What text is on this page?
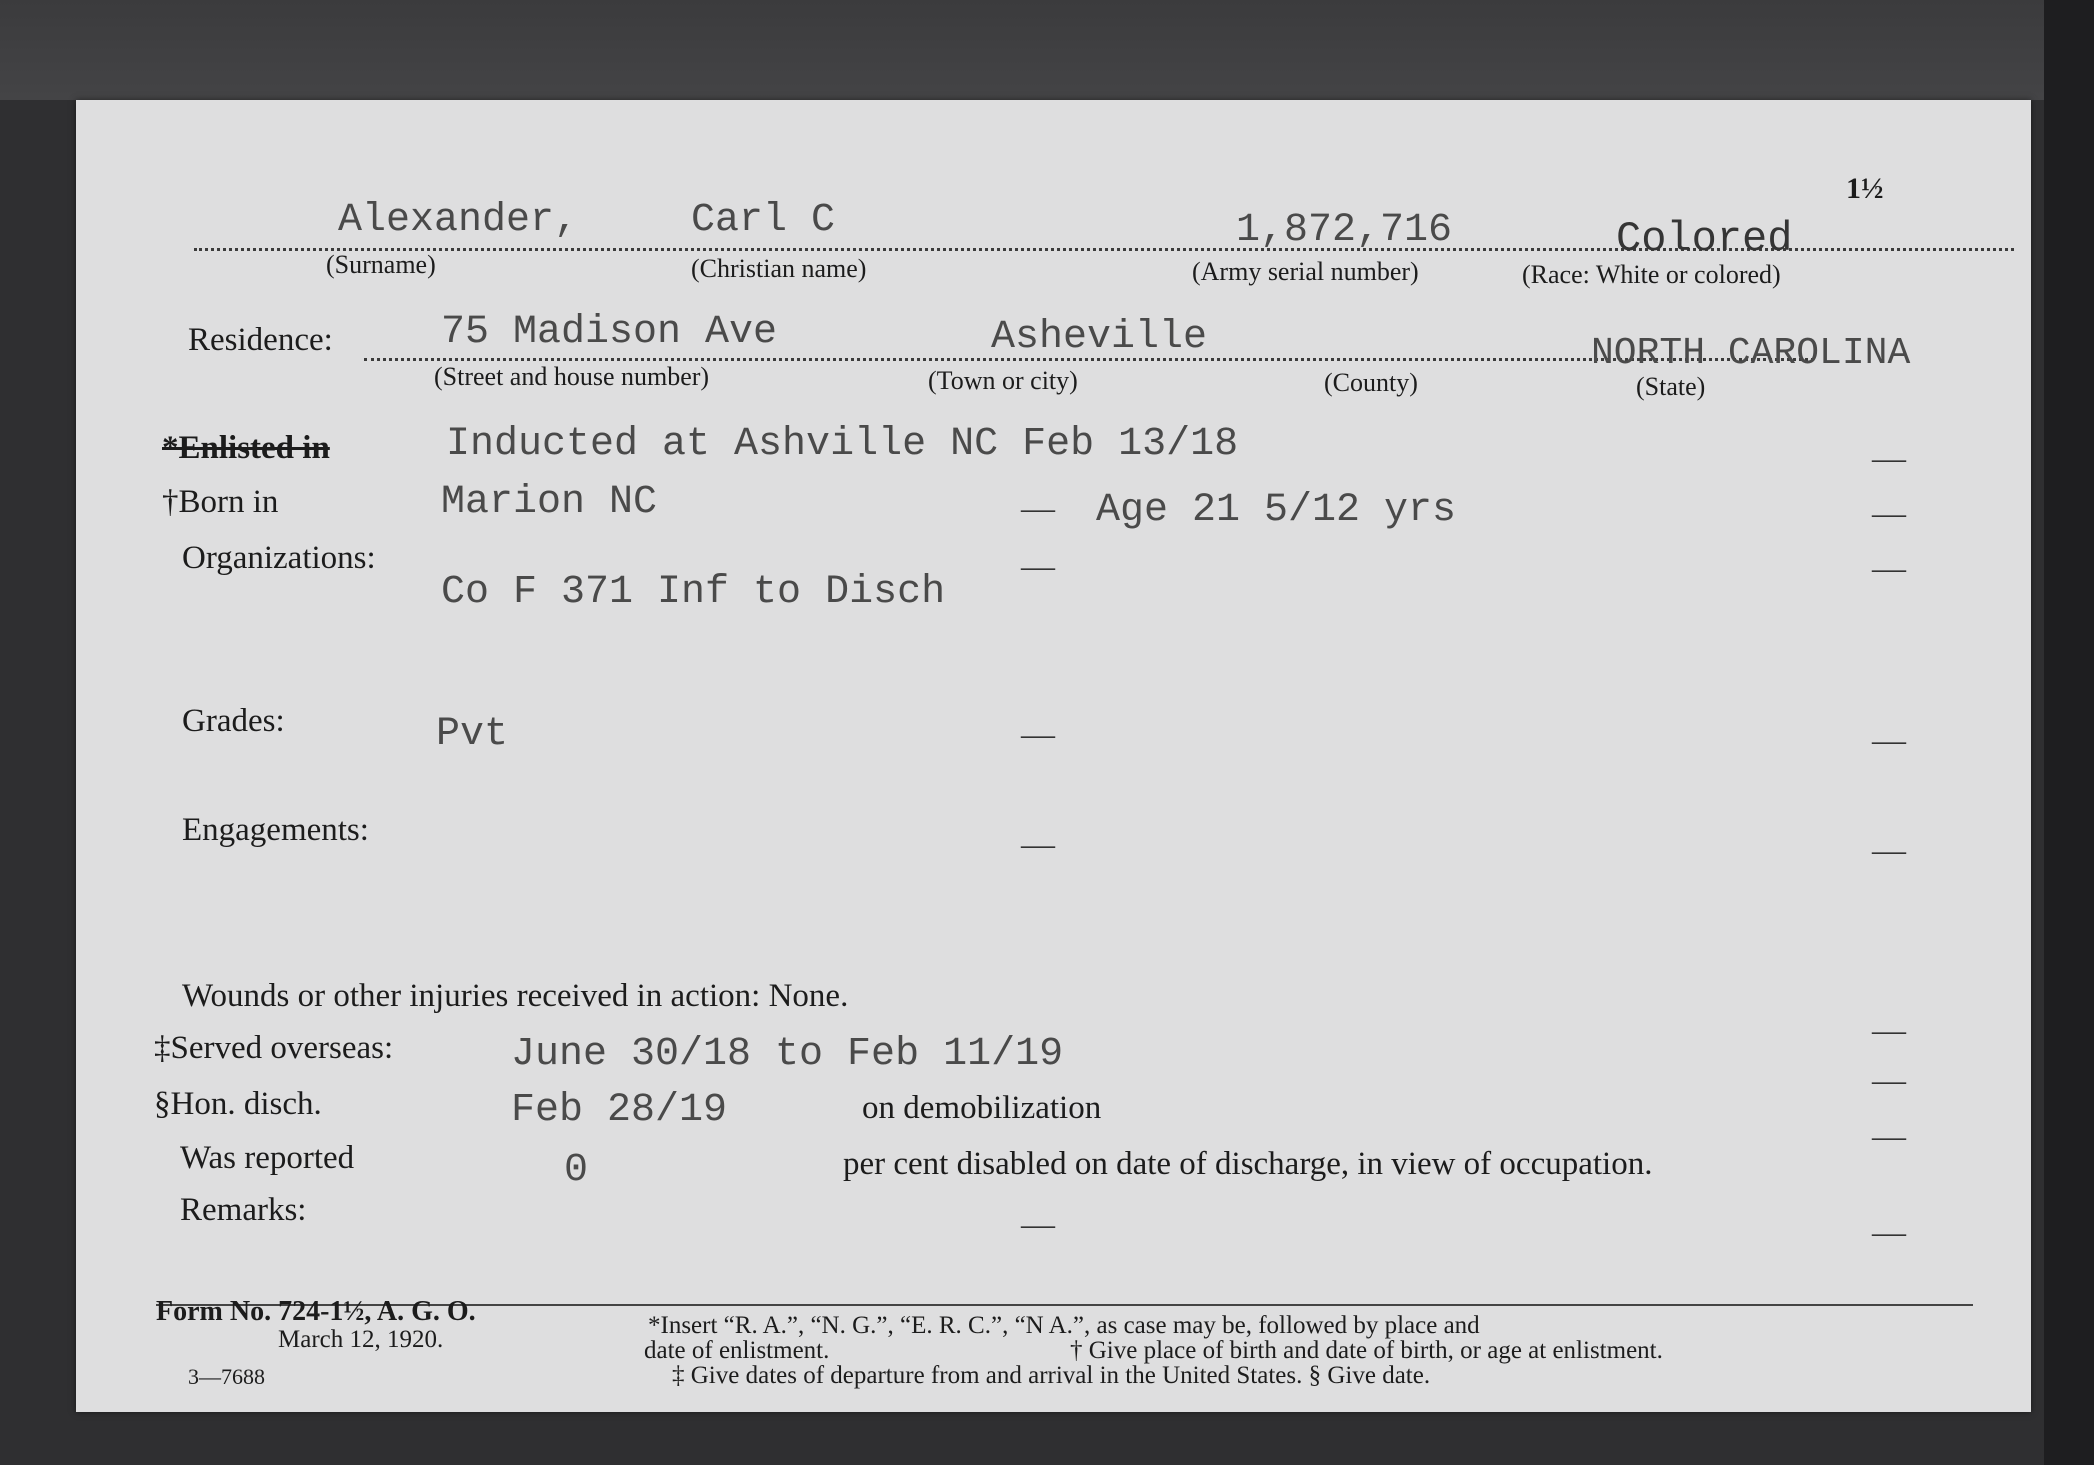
1½
Alexander,	Carl C	1,872,716	Colored
(Surname)	(Christian name)	(Army serial number)	(Race: White or colored)
Residence:	75 Madison Ave	Asheville	NORTH CAROLINA
(Street and house number)	(Town or city)	(County)	(State)
*Enlisted in	Inducted at Ashville NC Feb 13/18	—
†Born in	Marion NC	— Age 21 5/12 yrs	—
Organizations:
Co F 371 Inf to Disch
—	—
Grades:	Pvt	—	—
Engagements:	—	—
Wounds or other injuries received in action: None.
‡Served overseas:	June 30/18 to Feb 11/19
—
§Hon. disch.	Feb 28/19	on demobilization
—
Was reported	0	per cent disabled on date of discharge, in view of occupation.
—
Remarks:	—	—
Form No. 724-1½, A. G. O.
March 12, 1920.
3—7688
*Insert “R. A.”, “N. G.”, “E. R. C.”, “N A.”, as case may be, followed by place and
date of enlistment.	† Give place of birth and date of birth, or age at enlistment.
‡ Give dates of departure from and arrival in the United States. § Give date.
